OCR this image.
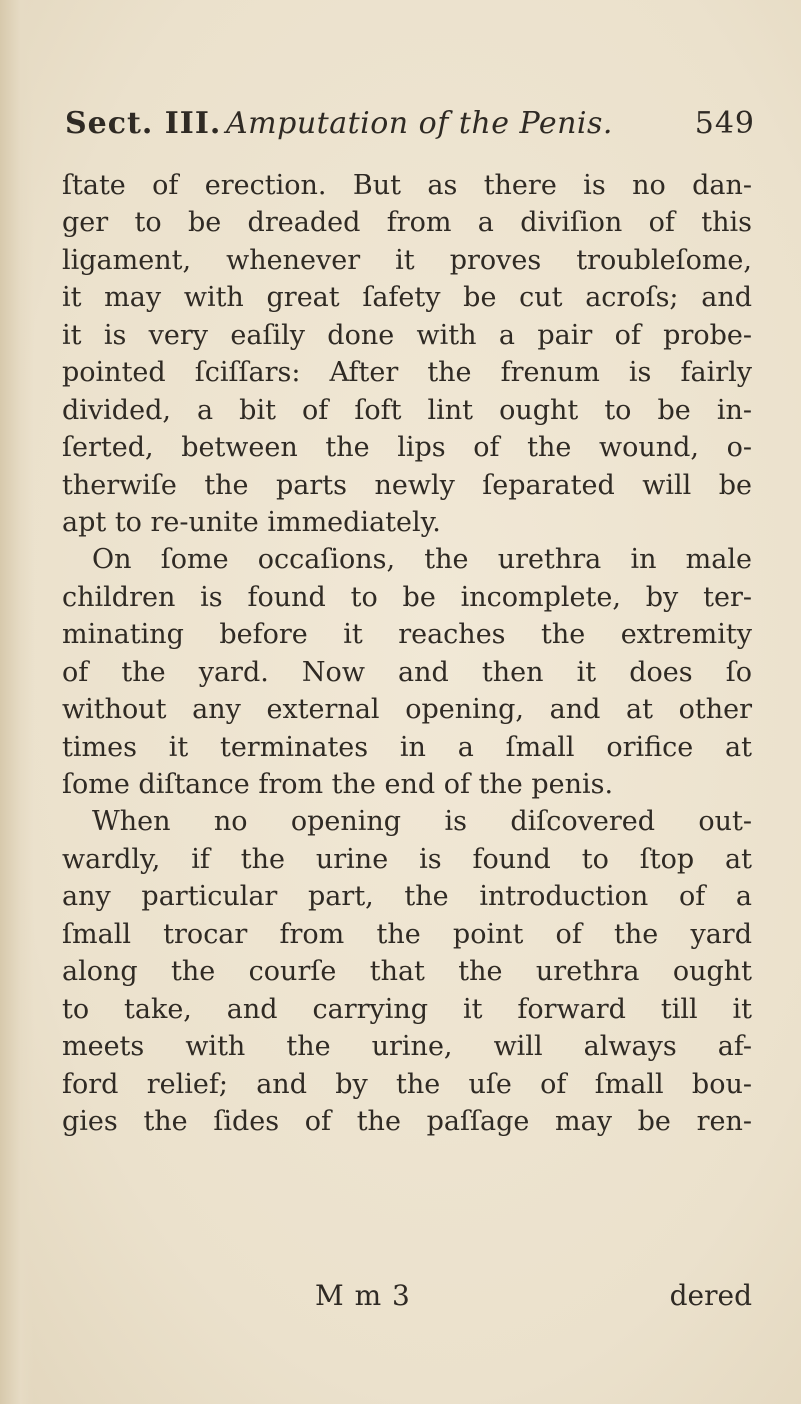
Sect. III. Amputation of the Penis.	549
ſtate of erection. But as there is no dan-
ger to be dreaded from a diviſion of this
ligament, whenever it proves troubleſome,
it may with great ſafety be cut acroſs; and
it is very eaſily done with a pair of probe-
pointed ſciſſars: After the frenum is fairly
divided, a bit of ſoft lint ought to be in-
ſerted, between the lips of the wound, o-
therwiſe the parts newly ſeparated will be
apt to re-unite immediately.
On ſome occaſions, the urethra in male
children is found to be incomplete, by ter-
minating before it reaches the extremity
of the yard. Now and then it does ſo
without any external opening, and at other
times it terminates in a ſmall orifice at
ſome diſtance from the end of the penis.
When no opening is diſcovered out-
wardly, if the urine is found to ſtop at
any particular part, the introduction of a
ſmall trocar from the point of the yard
along the courſe that the urethra ought
to take, and carrying it forward till it
meets with the urine, will always af-
ford relief; and by the uſe of ſmall bou-
gies the ſides of the paſſage may be ren-
M m 3	dered
